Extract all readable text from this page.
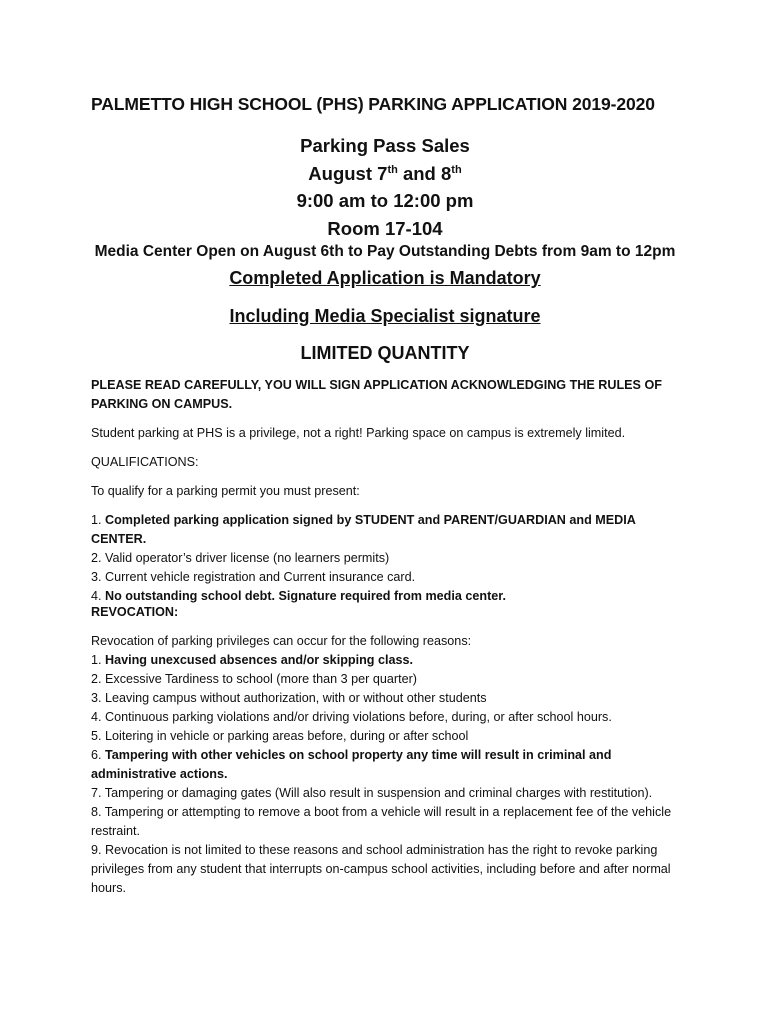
PALMETTO HIGH SCHOOL (PHS) PARKING APPLICATION 2019-2020
Parking Pass Sales
August 7th and 8th
9:00 am to 12:00 pm
Room 17-104
Media Center Open on August 6th to Pay Outstanding Debts from 9am to 12pm
Completed Application is Mandatory
Including Media Specialist signature
LIMITED QUANTITY
PLEASE READ CAREFULLY, YOU WILL SIGN APPLICATION ACKNOWLEDGING THE RULES OF PARKING ON CAMPUS.
Student parking at PHS is a privilege, not a right! Parking space on campus is extremely limited.
QUALIFICATIONS:
To qualify for a parking permit you must present:
1. Completed parking application signed by STUDENT and PARENT/GUARDIAN and MEDIA CENTER.
2. Valid operator’s driver license (no learners permits)
3. Current vehicle registration and Current insurance card.
4. No outstanding school debt. Signature required from media center.
REVOCATION:
Revocation of parking privileges can occur for the following reasons:
1. Having unexcused absences and/or skipping class.
2. Excessive Tardiness to school (more than 3 per quarter)
3. Leaving campus without authorization, with or without other students
4. Continuous parking violations and/or driving violations before, during, or after school hours.
5. Loitering in vehicle or parking areas before, during or after school
6. Tampering with other vehicles on school property any time will result in criminal and administrative actions.
7. Tampering or damaging gates (Will also result in suspension and criminal charges with restitution).
8. Tampering or attempting to remove a boot from a vehicle will result in a replacement fee of the vehicle restraint.
9. Revocation is not limited to these reasons and school administration has the right to revoke parking privileges from any student that interrupts on-campus school activities, including before and after normal hours.
